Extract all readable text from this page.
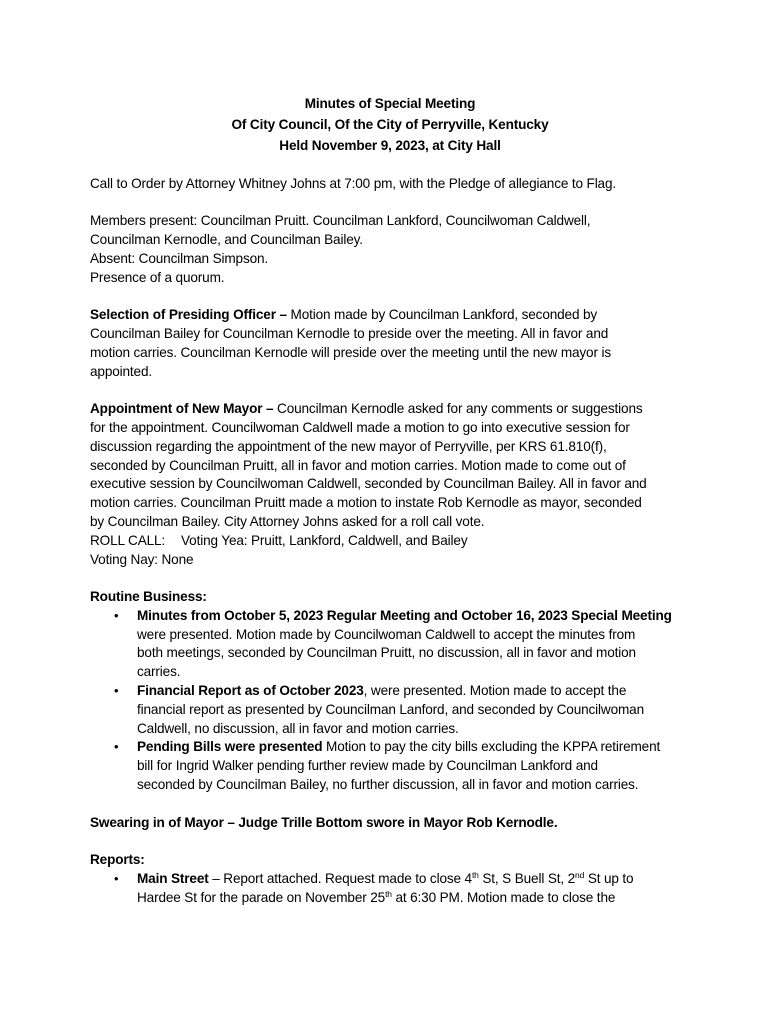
Minutes of Special Meeting
Of City Council, Of the City of Perryville, Kentucky
Held November 9, 2023, at City Hall

Call to Order by Attorney Whitney Johns at 7:00 pm, with the Pledge of allegiance to Flag.

Members present: Councilman Pruitt. Councilman Lankford, Councilwoman Caldwell,

Councilman Kernodle, and Councilman Bailey.

Absent: Councilman Simpson.

Presence of a quorum.

Selection of Presiding Officer – Motion made by Councilman Lankford, seconded by

Councilman Bailey for Councilman Kernodle to preside over the meeting. All in favor and

motion carries. Councilman Kernodle will preside over the meeting until the new mayor is

appointed.

Appointment of New Mayor – Councilman Kernodle asked for any comments or suggestions

for the appointment. Councilwoman Caldwell made a motion to go into executive session for

discussion regarding the appointment of the new mayor of Perryville, per KRS 61.810(f),

seconded by Councilman Pruitt, all in favor and motion carries. Motion made to come out of

executive session by Councilwoman Caldwell, seconded by Councilman Bailey. All in favor and

motion carries. Councilman Pruitt made a motion to instate Rob Kernodle as mayor, seconded

by Councilman Bailey. City Attorney Johns asked for a roll call vote.

ROLL CALL: Voting Yea: Pruitt, Lankford, Caldwell, and Bailey

Voting Nay: None

Routine Business:

• Minutes from October 5, 2023 Regular Meeting and October 16, 2023 Special Meeting
were presented. Motion made by Councilwoman Caldwell to accept the minutes from
both meetings, seconded by Councilman Pruitt, no discussion, all in favor and motion
carries.
• Financial Report as of October 2023, were presented. Motion made to accept the
financial report as presented by Councilman Lanford, and seconded by Councilwoman
Caldwell, no discussion, all in favor and motion carries.
• Pending Bills were presented Motion to pay the city bills excluding the KPPA retirement
bill for Ingrid Walker pending further review made by Councilman Lankford and
seconded by Councilman Bailey, no further discussion, all in favor and motion carries.

Swearing in of Mayor – Judge Trille Bottom swore in Mayor Rob Kernodle.

Reports:

• Main Street – Report attached. Request made to close 4th St, S Buell St, 2nd St up to
Hardee St for the parade on November 25th at 6:30 PM. Motion made to close the
